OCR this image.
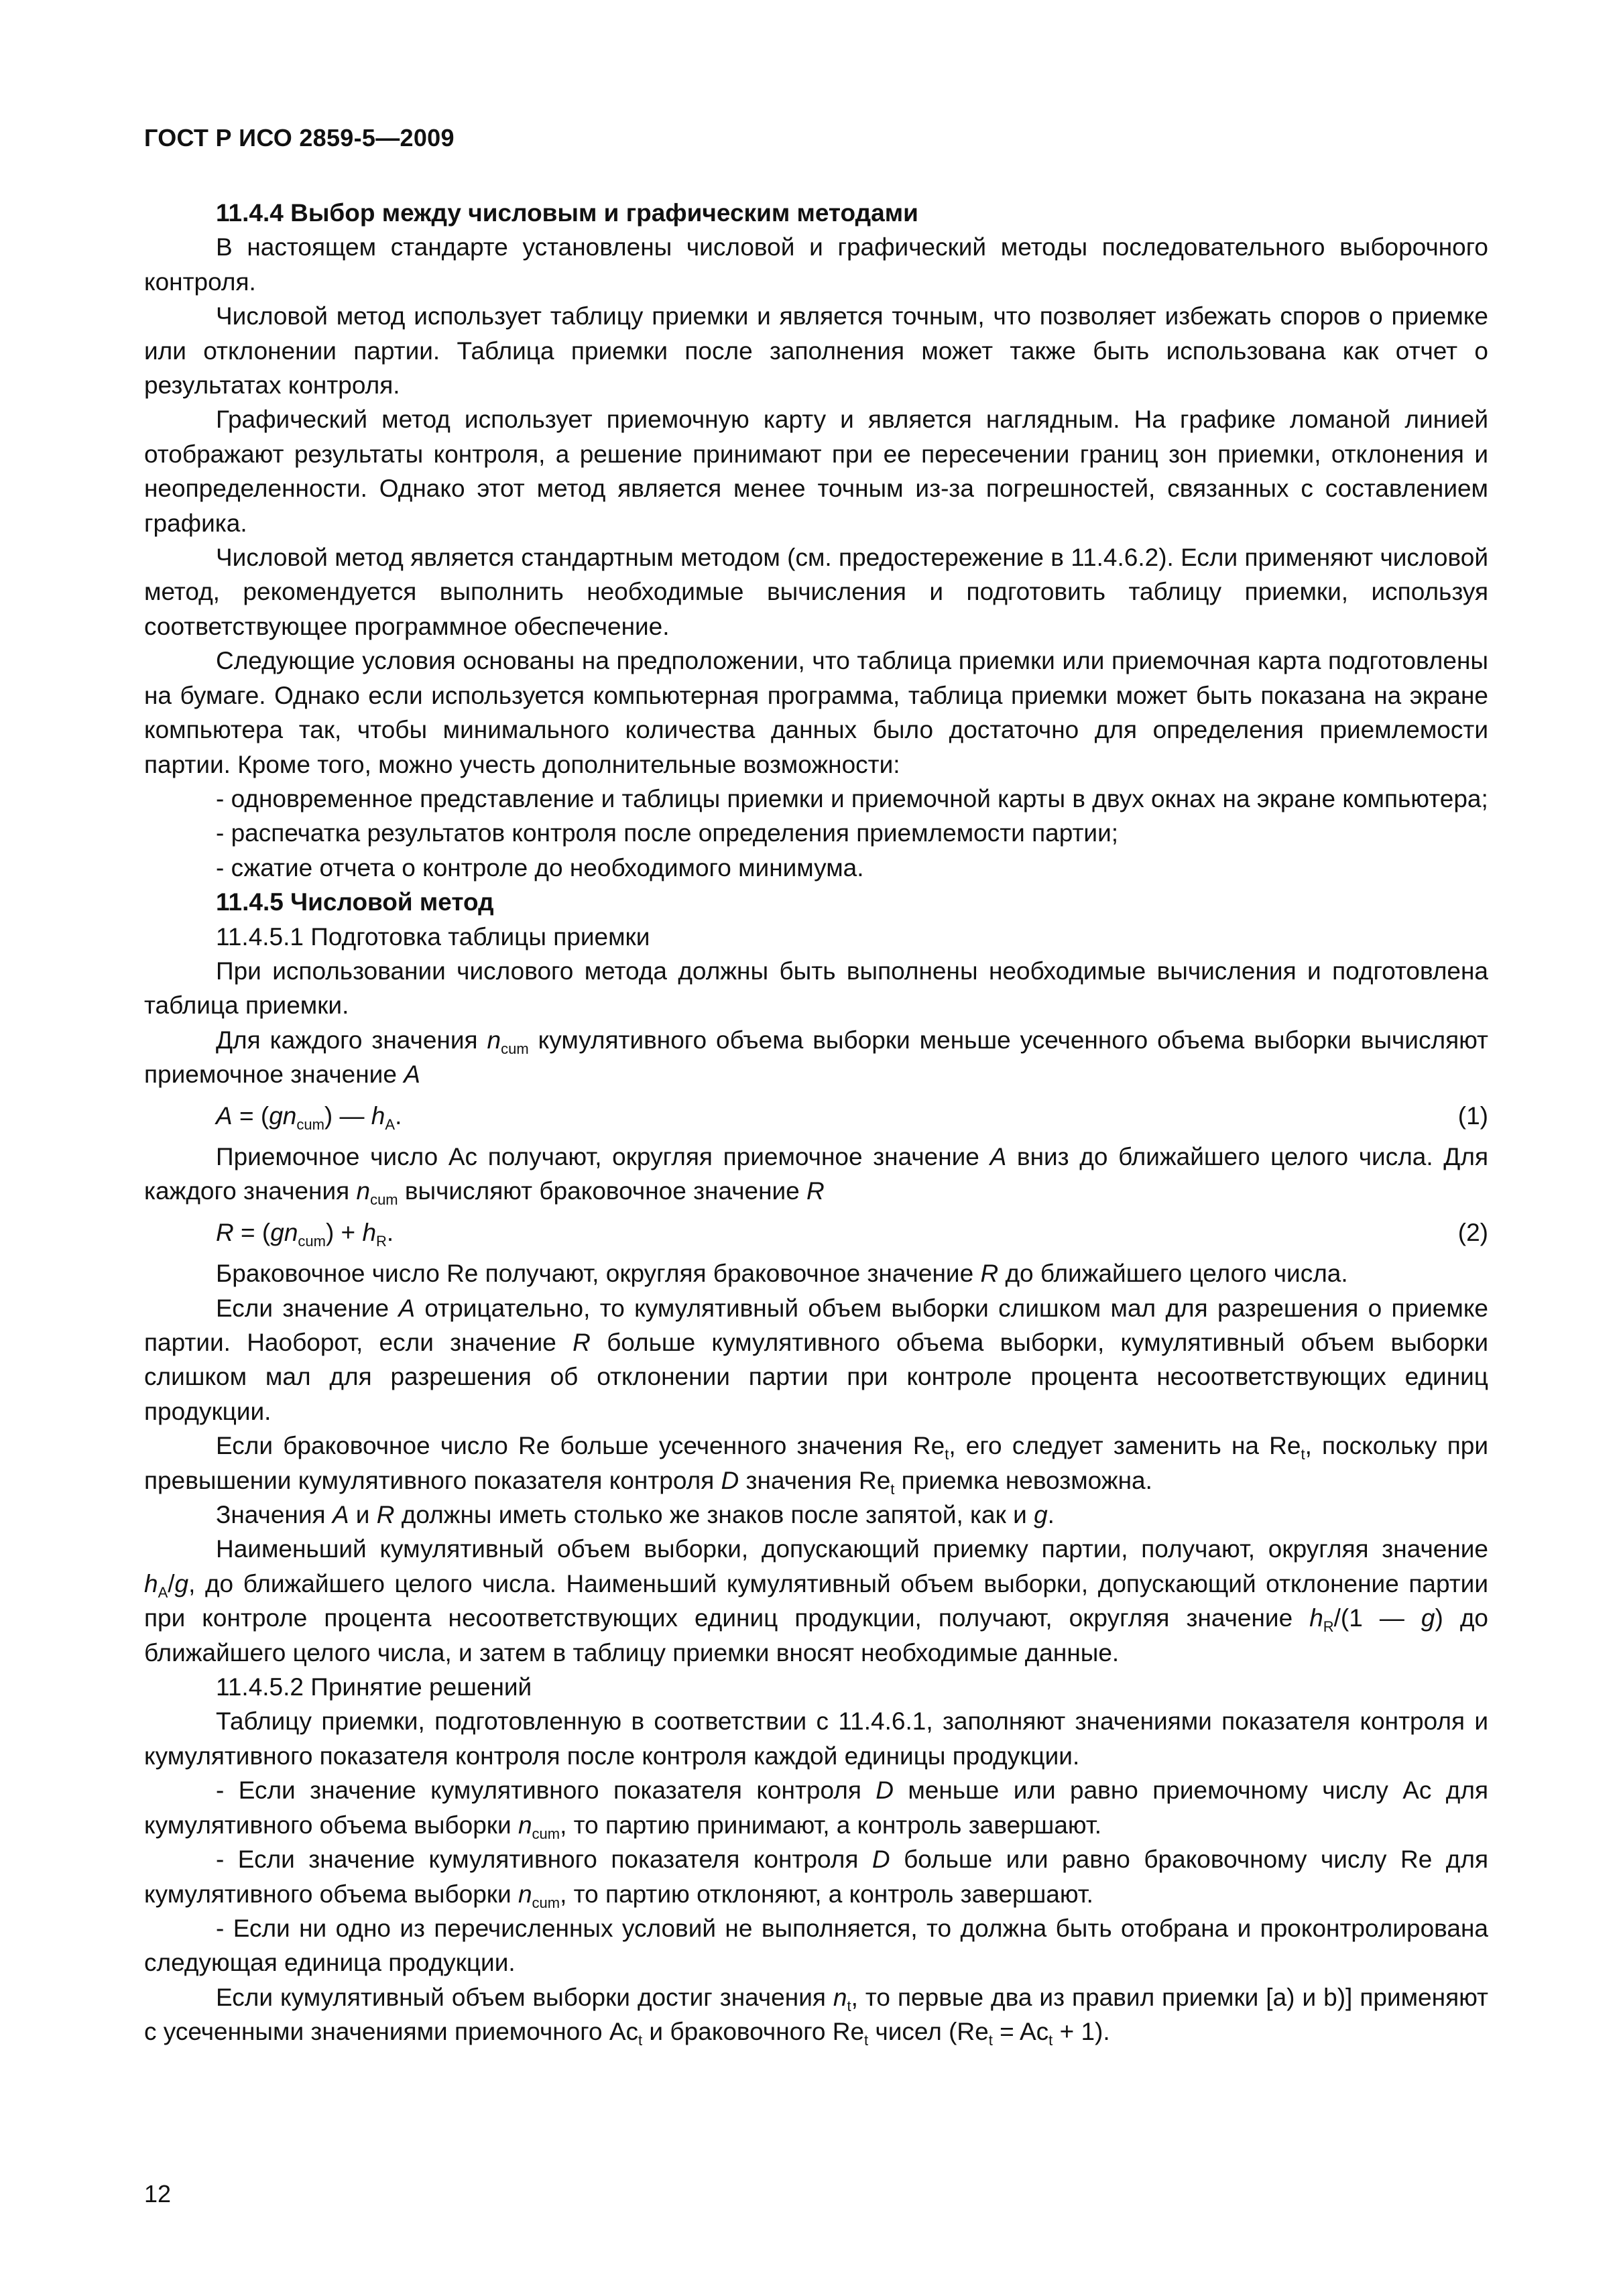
ГОСТ Р ИСО 2859-5—2009

11.4.4 Выбор между числовым и графическим методами

В настоящем стандарте установлены числовой и графический методы последовательного выборочного контроля.

Числовой метод использует таблицу приемки и является точным, что позволяет избежать споров о приемке или отклонении партии. Таблица приемки после заполнения может также быть использована как отчет о результатах контроля.

Графический метод использует приемочную карту и является наглядным. На графике ломаной линией отображают результаты контроля, а решение принимают при ее пересечении границ зон приемки, отклонения и неопределенности. Однако этот метод является менее точным из-за погрешностей, связанных с составлением графика.

Числовой метод является стандартным методом (см. предостережение в 11.4.6.2). Если применяют числовой метод, рекомендуется выполнить необходимые вычисления и подготовить таблицу приемки, используя соответствующее программное обеспечение.

Следующие условия основаны на предположении, что таблица приемки или приемочная карта подготовлены на бумаге. Однако если используется компьютерная программа, таблица приемки может быть показана на экране компьютера так, чтобы минимального количества данных было достаточно для определения приемлемости партии. Кроме того, можно учесть дополнительные возможности:

- одновременное представление и таблицы приемки и приемочной карты в двух окнах на экране компьютера;

- распечатка результатов контроля после определения приемлемости партии;

- сжатие отчета о контроле до необходимого минимума.

11.4.5 Числовой метод

11.4.5.1 Подготовка таблицы приемки

При использовании числового метода должны быть выполнены необходимые вычисления и подготовлена таблица приемки.

Для каждого значения $n_{cum}$ кумулятивного объема выборки меньше усеченного объема выборки вычисляют приемочное значение A

$A = (gn_{cum})$ — $h_A$.	(1)

Приемочное число Ac получают, округляя приемочное значение A вниз до ближайшего целого числа. Для каждого значения $n_{cum}$ вычисляют браковочное значение R

$R = (gn_{cum}) + h_R$.	(2)

Браковочное число Re получают, округляя браковочное значение R до ближайшего целого числа.

Если значение A отрицательно, то кумулятивный объем выборки слишком мал для разрешения о приемке партии. Наоборот, если значение R больше кумулятивного объема выборки, кумулятивный объем выборки слишком мал для разрешения об отклонении партии при контроле процента несоответствующих единиц продукции.

Если браковочное число Re больше усеченного значения $Re_t$, его следует заменить на $Re_t$, поскольку при превышении кумулятивного показателя контроля D значения $Re_t$ приемка невозможна.

Значения A и R должны иметь столько же знаков после запятой, как и g.

Наименьший кумулятивный объем выборки, допускающий приемку партии, получают, округляя значение $h_A/g$, до ближайшего целого числа. Наименьший кумулятивный объем выборки, допускающий отклонение партии при контроле процента несоответствующих единиц продукции, получают, округляя значение $h_R/(1$ — g) до ближайшего целого числа, и затем в таблицу приемки вносят необходимые данные.

11.4.5.2 Принятие решений

Таблицу приемки, подготовленную в соответствии с 11.4.6.1, заполняют значениями показателя контроля и кумулятивного показателя контроля после контроля каждой единицы продукции.

- Если значение кумулятивного показателя контроля D меньше или равно приемочному числу Ac для кумулятивного объема выборки $n_{cum}$, то партию принимают, а контроль завершают.

- Если значение кумулятивного показателя контроля D больше или равно браковочному числу Re для кумулятивного объема выборки $n_{cum}$, то партию отклоняют, а контроль завершают.

- Если ни одно из перечисленных условий не выполняется, то должна быть отобрана и проконтролирована следующая единица продукции.

Если кумулятивный объем выборки достиг значения $n_t$, то первые два из правил приемки [a) и b)] применяют с усеченными значениями приемочного $Ac_t$ и браковочного $Re_t$ чисел $(Re_t = Ac_t + 1)$.

12
